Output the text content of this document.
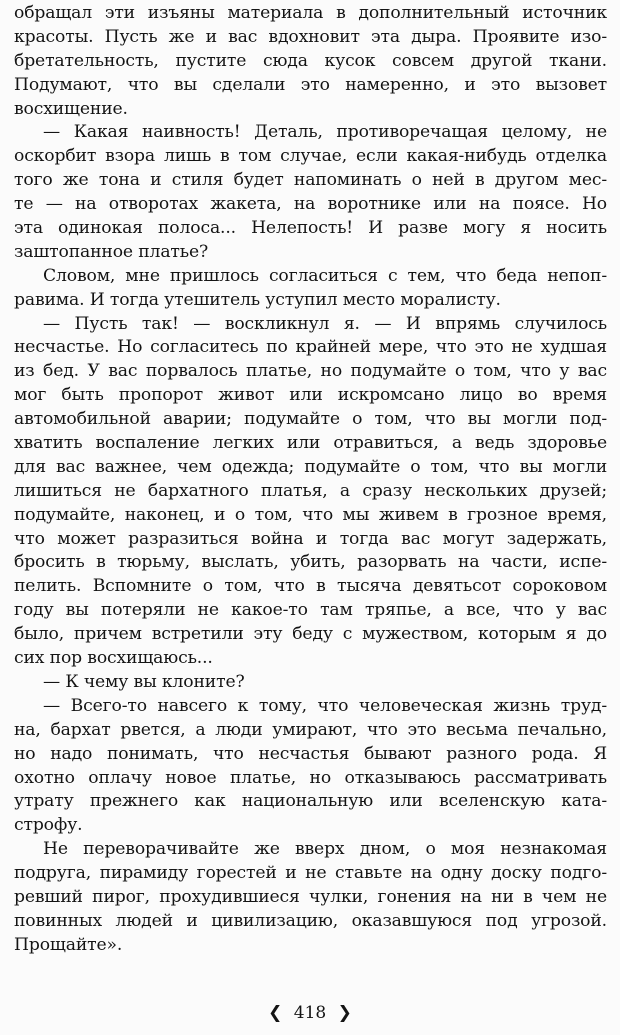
обращал эти изъяны материала в дополнительный источник
красоты. Пусть же и вас вдохновит эта дыра. Проявите изо-
бретательность, пустите сюда кусок совсем другой ткани.
Подумают, что вы сделали это намеренно, и это вызовет
восхищение.
— Какая наивность! Деталь, противоречащая целому, не
оскорбит взора лишь в том случае, если какая-нибудь отделка
того же тона и стиля будет напоминать о ней в другом мес-
те — на отворотах жакета, на воротнике или на поясе. Но
эта одинокая полоса... Нелепость! И разве могу я носить
заштопанное платье?
Словом, мне пришлось согласиться с тем, что беда непоп-
равима. И тогда утешитель уступил место моралисту.
— Пусть так! — воскликнул я. — И впрямь случилось
несчастье. Но согласитесь по крайней мере, что это не худшая
из бед. У вас порвалось платье, но подумайте о том, что у вас
мог быть пропорот живот или искромсано лицо во время
автомобильной аварии; подумайте о том, что вы могли под-
хватить воспаление легких или отравиться, а ведь здоровье
для вас важнее, чем одежда; подумайте о том, что вы могли
лишиться не бархатного платья, а сразу нескольких друзей;
подумайте, наконец, и о том, что мы живем в грозное время,
что может разразиться война и тогда вас могут задержать,
бросить в тюрьму, выслать, убить, разорвать на части, испе-
пелить. Вспомните о том, что в тысяча девятьсот сороковом
году вы потеряли не какое-то там тряпье, а все, что у вас
было, причем встретили эту беду с мужеством, которым я до
сих пор восхищаюсь...
— К чему вы клоните?
— Всего-то навсего к тому, что человеческая жизнь труд-
на, бархат рвется, а люди умирают, что это весьма печально,
но надо понимать, что несчастья бывают разного рода. Я
охотно оплачу новое платье, но отказываюсь рассматривать
утрату прежнего как национальную или вселенскую ката-
строфу.
Не переворачивайте же вверх дном, о моя незнакомая
подруга, пирамиду горестей и не ставьте на одну доску подго-
ревший пирог, прохудившиеся чулки, гонения на ни в чем не
повинных людей и цивилизацию, оказавшуюся под угрозой.
Прощайте».
❮ 418 ❯
